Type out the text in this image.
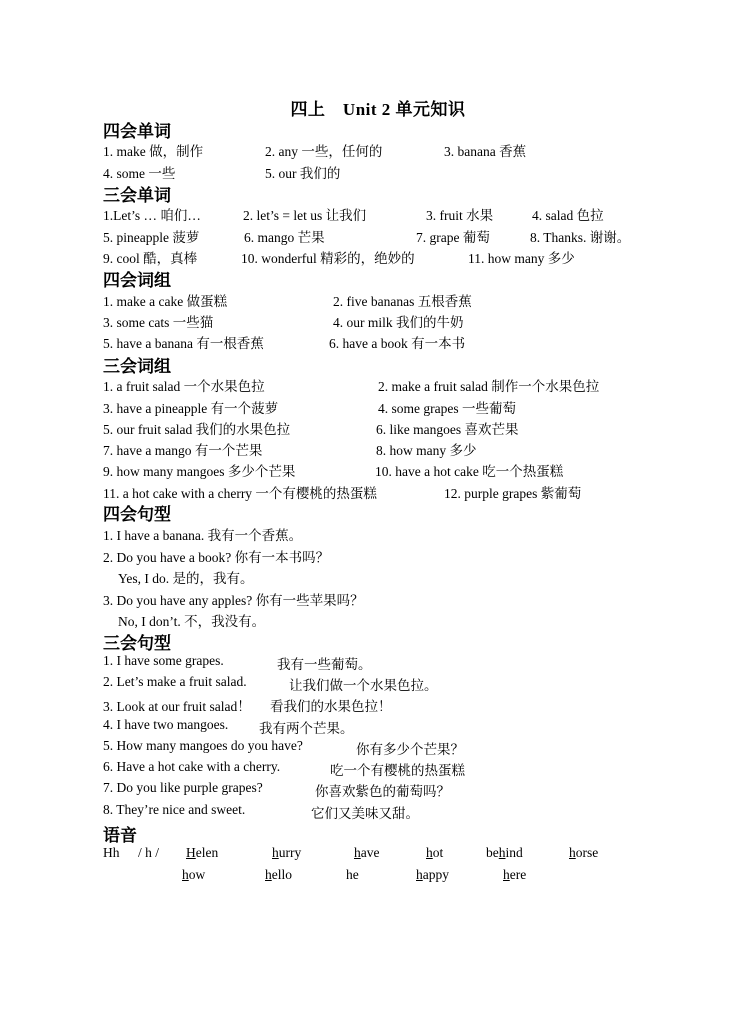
四上　Unit 2 单元知识
四会单词
1. make 做，制作	2. any 一些，任何的	3. banana 香蕉
4. some 一些	5. our 我们的
三会单词
1.Let’s … 咱们…	2. let’s = let us 让我们	3. fruit 水果	4. salad 色拉
5. pineapple 菠萝	6. mango 芒果	7. grape 葡萄	8. Thanks. 谢谢。
9. cool 酷，真棒	10. wonderful 精彩的，绝妙的	11. how many 多少
四会词组
1. make a cake 做蛋糕	2. five bananas 五根香蕉
3. some cats 一些猫	4. our milk 我们的牛奶
5. have a banana 有一根香蕉	6. have a book 有一本书
三会词组
1. a fruit salad 一个水果色拉	2. make a fruit salad 制作一个水果色拉
3. have a pineapple 有一个菠萝	4. some grapes 一些葡萄
5. our fruit salad 我们的水果色拉	6. like mangoes 喜欢芒果
7. have a mango 有一个芒果	8. how many 多少
9. how many mangoes 多少个芒果	10. have a hot cake 吃一个热蛋糕
11. a hot cake with a cherry 一个有樱桃的热蛋糕	12. purple grapes 紫葡萄
四会句型
1. I have a banana. 我有一个香蕉。
2. Do you have a book? 你有一本书吗？
Yes, I do. 是的，我有。
3. Do you have any apples? 你有一些苹果吗？
No, I don’t. 不，我没有。
三会句型
1. I have some grapes.	我有一些葡萄。
2. Let’s make a fruit salad.	让我们做一个水果色拉。
3. Look at our fruit salad！ 看我们的水果色拉！
4. I have two mangoes. 我有两个芒果。
5. How many mangoes do you have?	你有多少个芒果？
6. Have a hot cake with a cherry.	吃一个有樱桃的热蛋糕
7. Do you like purple grapes?	你喜欢紫色的葡萄吗？
8. They’re nice and sweet.	它们又美味又甜。
语音
Hh / h / Helen	hurry	have	hot	behind	horse
how	hello	he	happy	here
